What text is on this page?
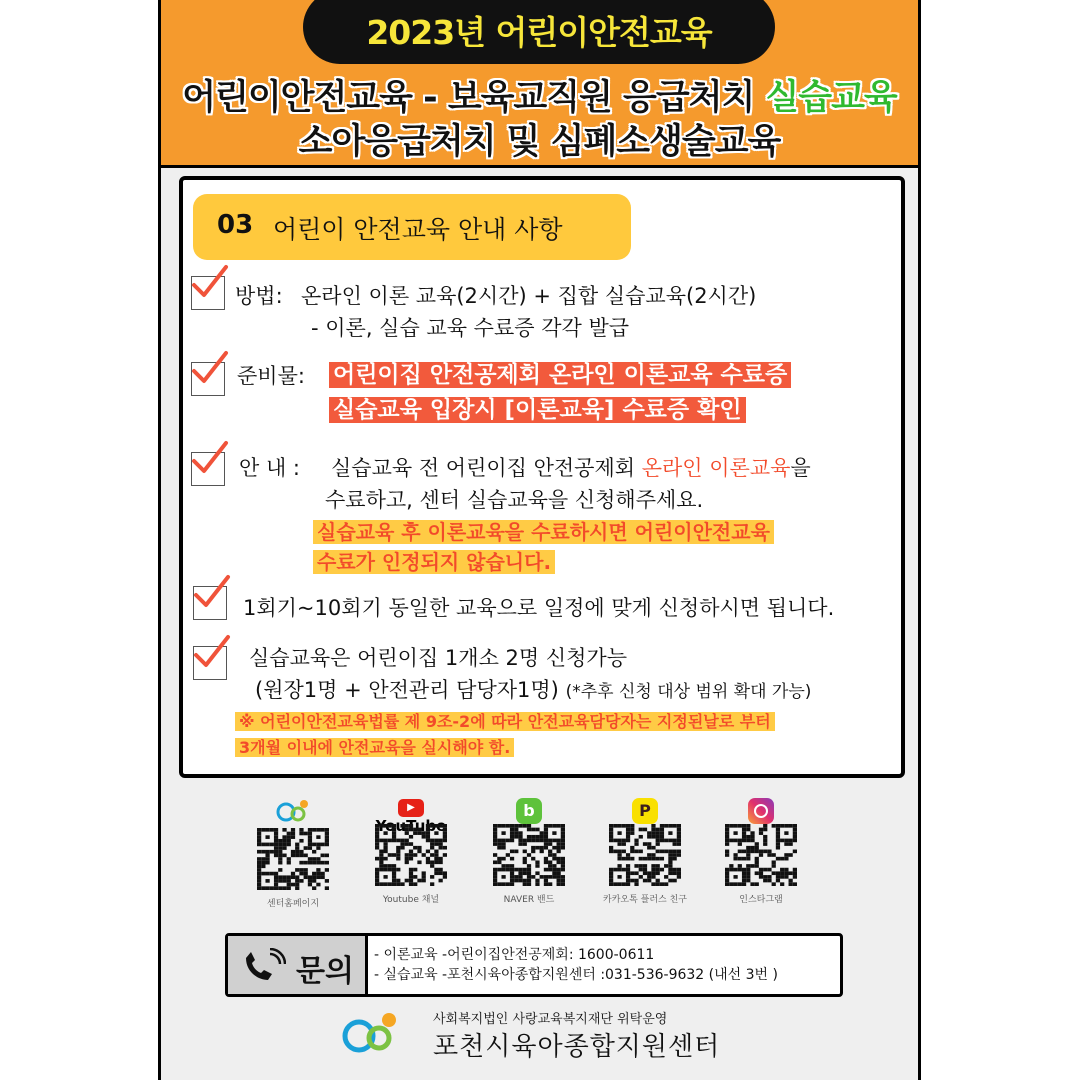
2023년 어린이안전교육
어린이안전교육 - 보육교직원 응급처치 실습교육
소아응급처치 및 심폐소생술교육
03 어린이 안전교육 안내 사항
방법: 온라인 이론 교육(2시간) + 집합 실습교육(2시간)
- 이론, 실습 교육 수료증 각각 발급
준비물: 어린이집 안전공제회 온라인 이론교육 수료증
실습교육 입장시 [이론교육] 수료증 확인
안 내 : 실습교육 전 어린이집 안전공제회 온라인 이론교육을
수료하고, 센터 실습교육을 신청해주세요.
실습교육 후 이론교육을 수료하시면 어린이안전교육
수료가 인정되지 않습니다.
1회기~10회기 동일한 교육으로 일정에 맞게 신청하시면 됩니다.
실습교육은 어린이집 1개소 2명 신청가능
(원장1명 + 안전관리 담당자1명) (*추후 신청 대상 범위 확대 가능)
※ 어린이안전교육법률 제 9조-2에 따라 안전교육담당자는 지정된날로 부터
3개월 이내에 안전교육을 실시해야 함.
센터홈페이지
▶
Youtube 채널
b
NAVER 밴드
P
카카오톡 플러스 친구	인스타그램
문의 - 이론교육 -어린이집안전공제회: 1600-0611
- 실습교육 -포천시육아종합지원센터 :031-536-9632 (내선 3번 )
사회복지법인 사랑교육복지재단 위탁운영
포천시육아종합지원센터
